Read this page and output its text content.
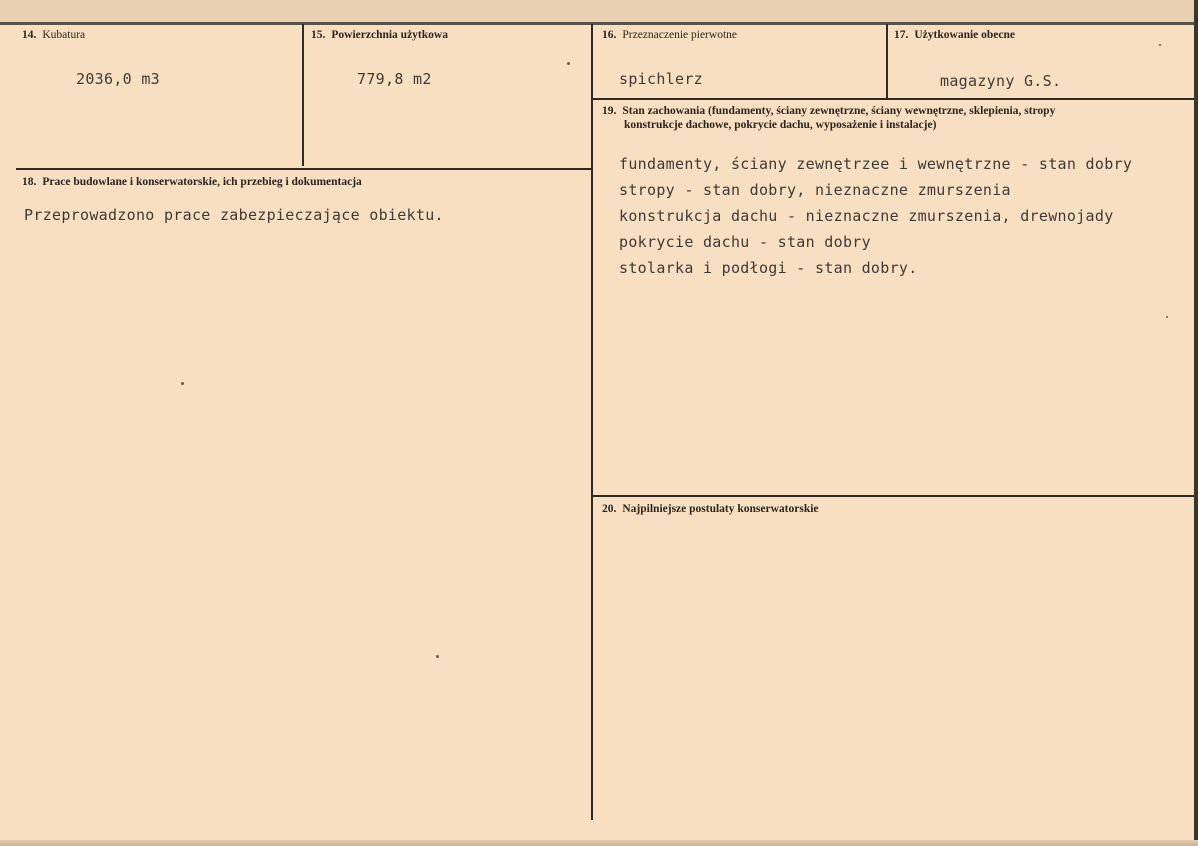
14. Kubatura
2036,0 m3
15. Powierzchnia użytkowa
779,8 m2
16. Przeznaczenie pierwotne
spichlerz
17. Użytkowanie obecne
magazyny G.S.
18. Prace budowlane i konserwatorskie, ich przebieg i dokumentacja
Przeprowadzono prace zabezpieczające obiektu.
19. Stan zachowania (fundamenty, ściany zewnętrzne, ściany wewnętrzne, sklepienia, stropy
konstrukcje dachowe, pokrycie dachu, wyposażenie i instalacje)
fundamenty, ściany zewnętrzee i wewnętrzne - stan dobry
stropy - stan dobry, nieznaczne zmurszenia
konstrukcja dachu - nieznaczne zmurszenia, drewnojady
pokrycie dachu - stan dobry
stolarka i podłogi - stan dobry.
20. Najpilniejsze postulaty konserwatorskie
